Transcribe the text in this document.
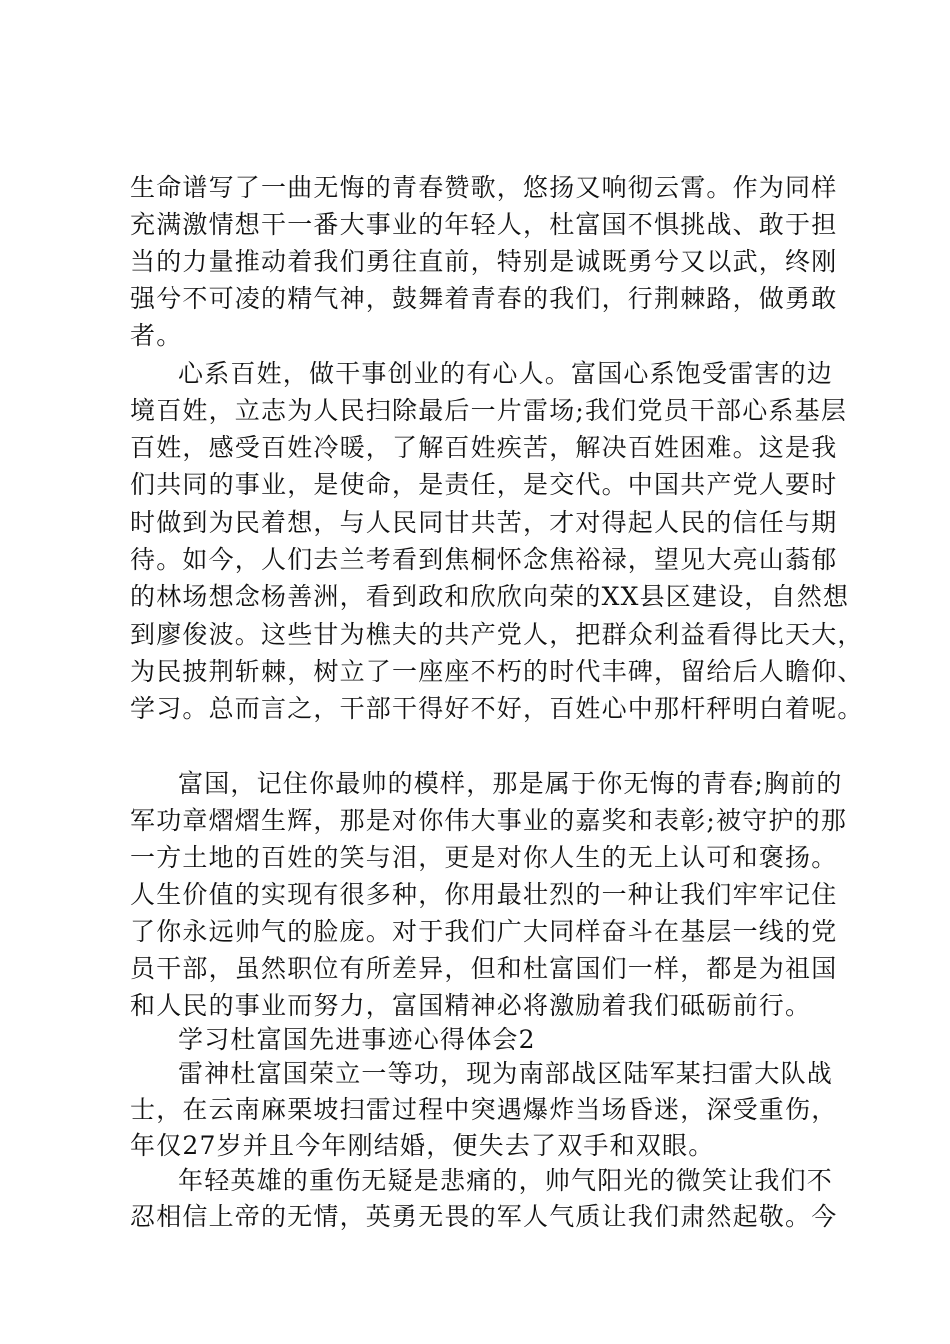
生命谱写了一曲无悔的青春赞歌，悠扬又响彻云霄。作为同样
充满激情想干一番大事业的年轻人，杜富国不惧挑战、敢于担
当的力量推动着我们勇往直前，特别是诚既勇兮又以武，终刚
强兮不可凌的精气神，鼓舞着青春的我们，行荆棘路，做勇敢
者。
心系百姓，做干事创业的有心人。富国心系饱受雷害的边
境百姓，立志为人民扫除最后一片雷场;我们党员干部心系基层
百姓，感受百姓冷暖，了解百姓疾苦，解决百姓困难。这是我
们共同的事业，是使命，是责任，是交代。中国共产党人要时
时做到为民着想，与人民同甘共苦，才对得起人民的信任与期
待。如今，人们去兰考看到焦桐怀念焦裕禄，望见大亮山蓊郁
的林场想念杨善洲，看到政和欣欣向荣的XX县区建设，自然想
到廖俊波。这些甘为樵夫的共产党人，把群众利益看得比天大，
为民披荆斩棘，树立了一座座不朽的时代丰碑，留给后人瞻仰、
学习。总而言之，干部干得好不好，百姓心中那杆秤明白着呢。
富国，记住你最帅的模样，那是属于你无悔的青春;胸前的
军功章熠熠生辉，那是对你伟大事业的嘉奖和表彰;被守护的那
一方土地的百姓的笑与泪，更是对你人生的无上认可和褒扬。
人生价值的实现有很多种，你用最壮烈的一种让我们牢牢记住
了你永远帅气的脸庞。对于我们广大同样奋斗在基层一线的党
员干部，虽然职位有所差异，但和杜富国们一样，都是为祖国
和人民的事业而努力，富国精神必将激励着我们砥砺前行。
学习杜富国先进事迹心得体会2
雷神杜富国荣立一等功，现为南部战区陆军某扫雷大队战
士，在云南麻栗坡扫雷过程中突遇爆炸当场昏迷，深受重伤，
年仅27岁并且今年刚结婚，便失去了双手和双眼。
年轻英雄的重伤无疑是悲痛的，帅气阳光的微笑让我们不
忍相信上帝的无情，英勇无畏的军人气质让我们肃然起敬。今
